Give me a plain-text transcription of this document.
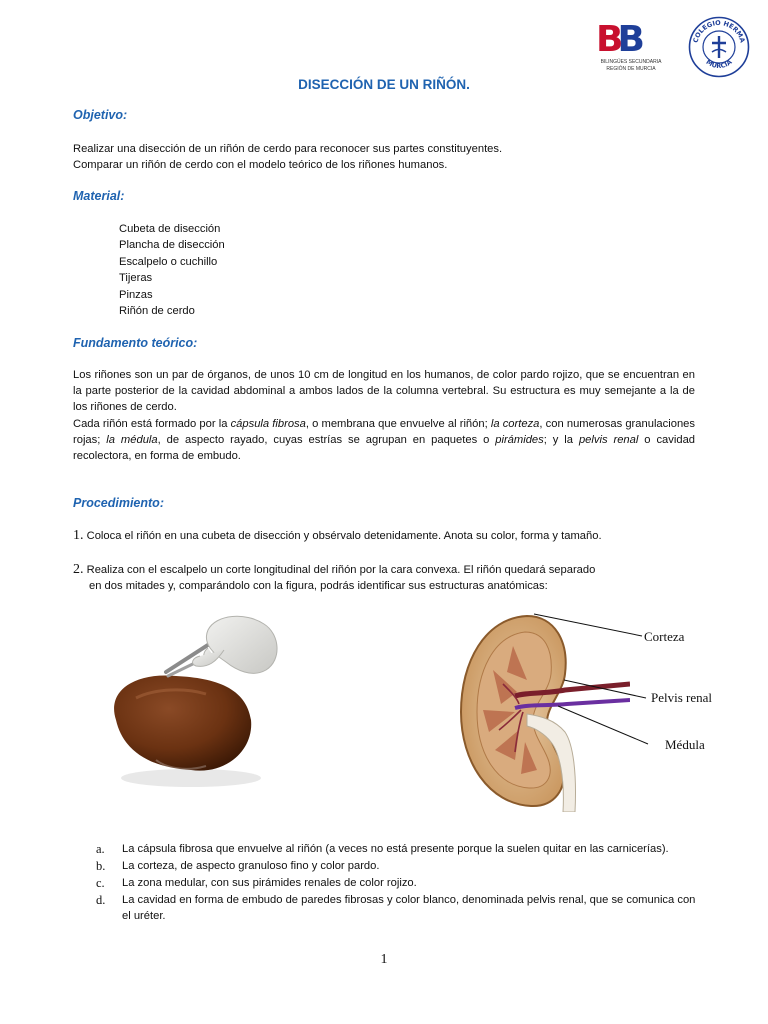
BB
BILINGÜES SECUNDARIA
REGIÓN DE MURCIA
COLEGIO HERMA
MURCIA
DISECCIÓN DE UN RIÑÓN.
Objetivo:
Realizar una disección de un riñón de cerdo para reconocer sus partes constituyentes.
Comparar un riñón de cerdo con el modelo teórico de los riñones humanos.
Material:
Cubeta de disección
Plancha de disección
Escalpelo o cuchillo
Tijeras
Pinzas
Riñón de cerdo
Fundamento teórico:
Los riñones son un par de órganos, de unos 10 cm de longitud en los humanos, de color pardo rojizo, que se encuentran en la parte posterior de la cavidad abdominal a ambos lados de la columna vertebral. Su estructura es muy semejante a la de los riñones de cerdo.
Cada riñón está formado por la cápsula fibrosa, o membrana que envuelve al riñón; la corteza, con numerosas granulaciones rojas; la médula, de aspecto rayado, cuyas estrías se agrupan en paquetes o pirámides; y la pelvis renal o cavidad recolectora, en forma de embudo.
Procedimiento:
1. Coloca el riñón en una cubeta de disección y obsérvalo detenidamente. Anota su color, forma y tamaño.
2. Realiza con el escalpelo un corte longitudinal del riñón por la cara convexa. El riñón quedará separado
en dos mitades y, comparándolo con la figura, podrás identificar sus estructuras anatómicas:
Corteza
Pelvis renal
Médula
a. La cápsula fibrosa que envuelve al riñón (a veces no está presente porque la suelen quitar en las carnicerías).
b. La corteza, de aspecto granuloso fino y color pardo.
c. La zona medular, con sus pirámides renales de color rojizo.
d. La cavidad en forma de embudo de paredes fibrosas y color blanco, denominada pelvis renal, que se comunica con el uréter.
1
